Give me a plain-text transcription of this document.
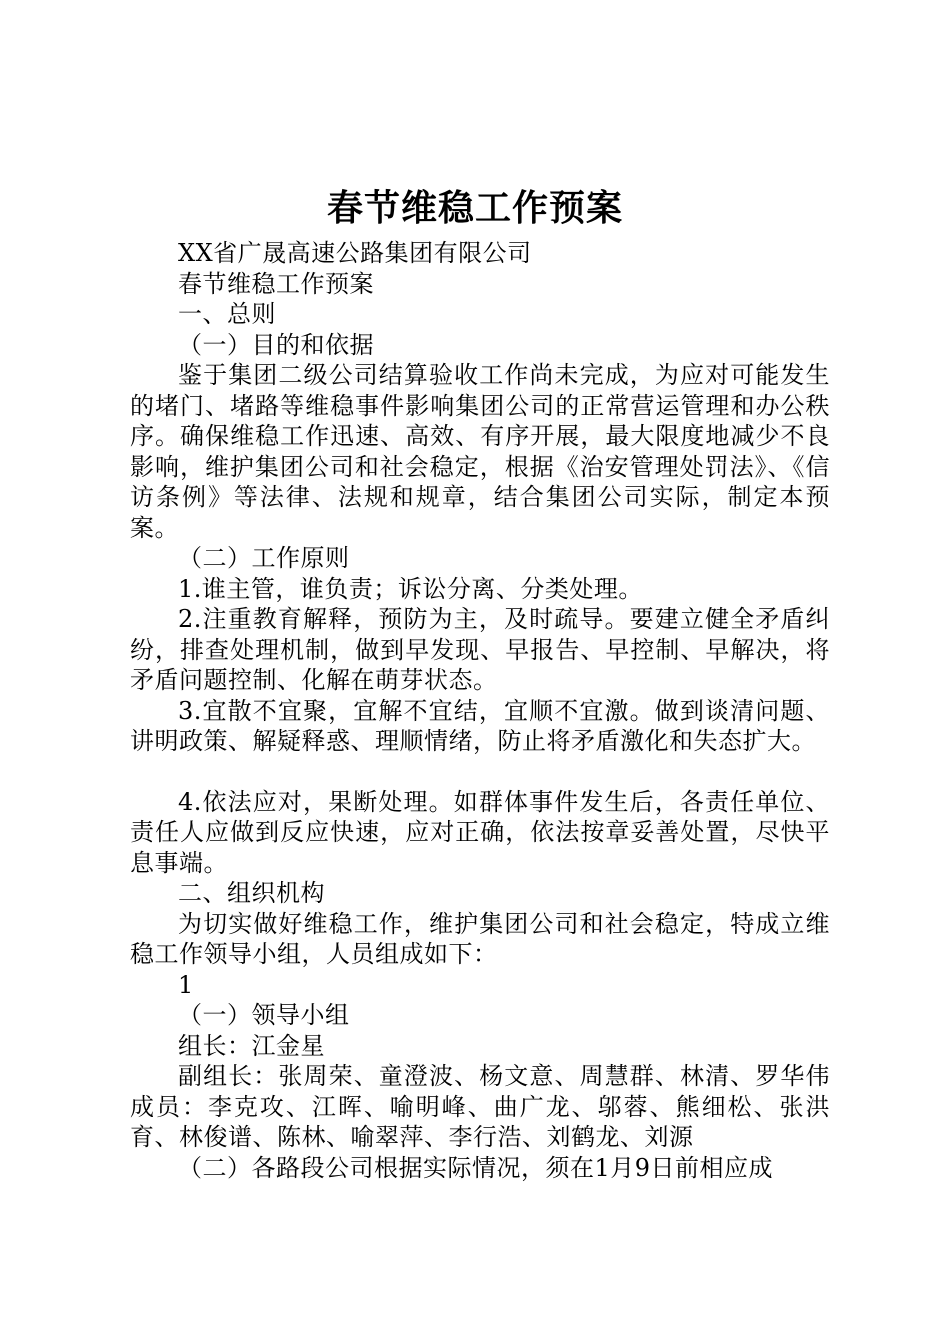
春节维稳工作预案

XX省广晟高速公路集团有限公司

春节维稳工作预案

一、总则

（一）目的和依据

鉴于集团二级公司结算验收工作尚未完成，为应对可能发生的堵门、堵路等维稳事件影响集团公司的正常营运管理和办公秩序。确保维稳工作迅速、高效、有序开展，最大限度地减少不良影响，维护集团公司和社会稳定，根据《治安管理处罚法》、《信访条例》等法律、法规和规章，结合集团公司实际，制定本预案。

（二）工作原则

1.谁主管，谁负责；诉讼分离、分类处理。

2.注重教育解释，预防为主，及时疏导。要建立健全矛盾纠纷，排查处理机制，做到早发现、早报告、早控制、早解决，将矛盾问题控制、化解在萌芽状态。

3.宜散不宜聚，宜解不宜结，宜顺不宜激。做到谈清问题、讲明政策、解疑释惑、理顺情绪，防止将矛盾激化和失态扩大。

4.依法应对，果断处理。如群体事件发生后，各责任单位、责任人应做到反应快速，应对正确，依法按章妥善处置，尽快平息事端。

二、组织机构

为切实做好维稳工作，维护集团公司和社会稳定，特成立维稳工作领导小组，人员组成如下：

1

（一）领导小组

组长：江金星

副组长：张周荣、童澄波、杨文意、周慧群、林清、罗华伟成员：李克攻、江晖、喻明峰、曲广龙、邬蓉、熊细松、张洪育、林俊谱、陈林、喻翠萍、李行浩、刘鹤龙、刘源

（二）各路段公司根据实际情况，须在1月9日前相应成
